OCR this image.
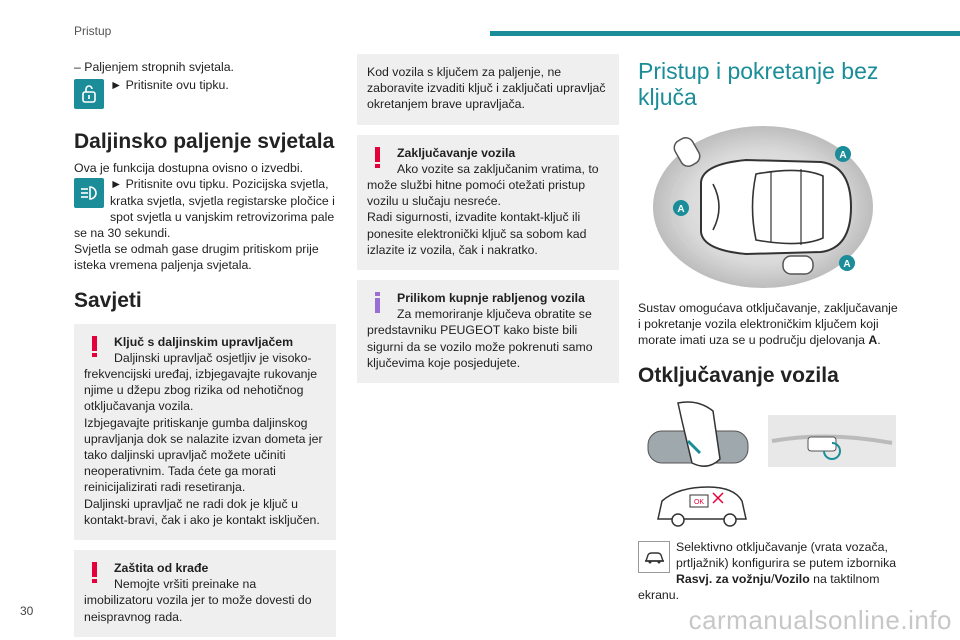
Pristup

– Paljenjem stropnih svjetala.

► Pritisnite ovu tipku.

Daljinsko paljenje svjetala

Ova je funkcija dostupna ovisno o izvedbi.

► Pritisnite ovu tipku. Pozicijska svjetla, kratka svjetla, svjetla registarske pločice i spot svjetla u vanjskim retrovizorima pale se na 30 sekundi.

Svjetla se odmah gase drugim pritiskom prije isteka vremena paljenja svjetala.

Savjeti

Ključ s daljinskim upravljačem

Daljinski upravljač osjetljiv je visoko-frekvencijski uređaj, izbjegavajte rukovanje njime u džepu zbog rizika od nehotičnog otključavanja vozila.

Izbjegavajte pritiskanje gumba daljinskog upravljanja dok se nalazite izvan dometa jer tako daljinski upravljač možete učiniti neoperativnim. Tada ćete ga morati reinicijalizirati radi resetiranja.

Daljinski upravljač ne radi dok je ključ u kontakt-bravi, čak i ako je kontakt isključen.

Zaštita od krađe

Nemojte vršiti preinake na imobilizatoru vozila jer to može dovesti do neispravnog rada.

Kod vozila s ključem za paljenje, ne zaboravite izvaditi ključ i zaključati upravljač okretanjem brave upravljača.

Zaključavanje vozila

Ako vozite sa zaključanim vratima, to može službi hitne pomoći otežati pristup vozilu u slučaju nesreće.

Radi sigurnosti, izvadite kontakt-ključ ili ponesite elektronički ključ sa sobom kad izlazite iz vozila, čak i nakratko.

Prilikom kupnje rabljenog vozila

Za memoriranje ključeva obratite se predstavniku PEUGEOT kako biste bili sigurni da se vozilo može pokrenuti samo ključevima koje posjedujete.

Pristup i pokretanje bez ključa
A
A
A

Sustav omogućava otključavanje, zaključavanje i pokretanje vozila elektroničkim ključem koji morate imati uza se u području djelovanja A.

Otključavanje vozila
OK

Selektivno otključavanje (vrata vozača, prtljažnik) konfigurira se putem izbornika Rasvj. za vožnju/Vozilo na taktilnom ekranu.

30	carmanualsonline.info
